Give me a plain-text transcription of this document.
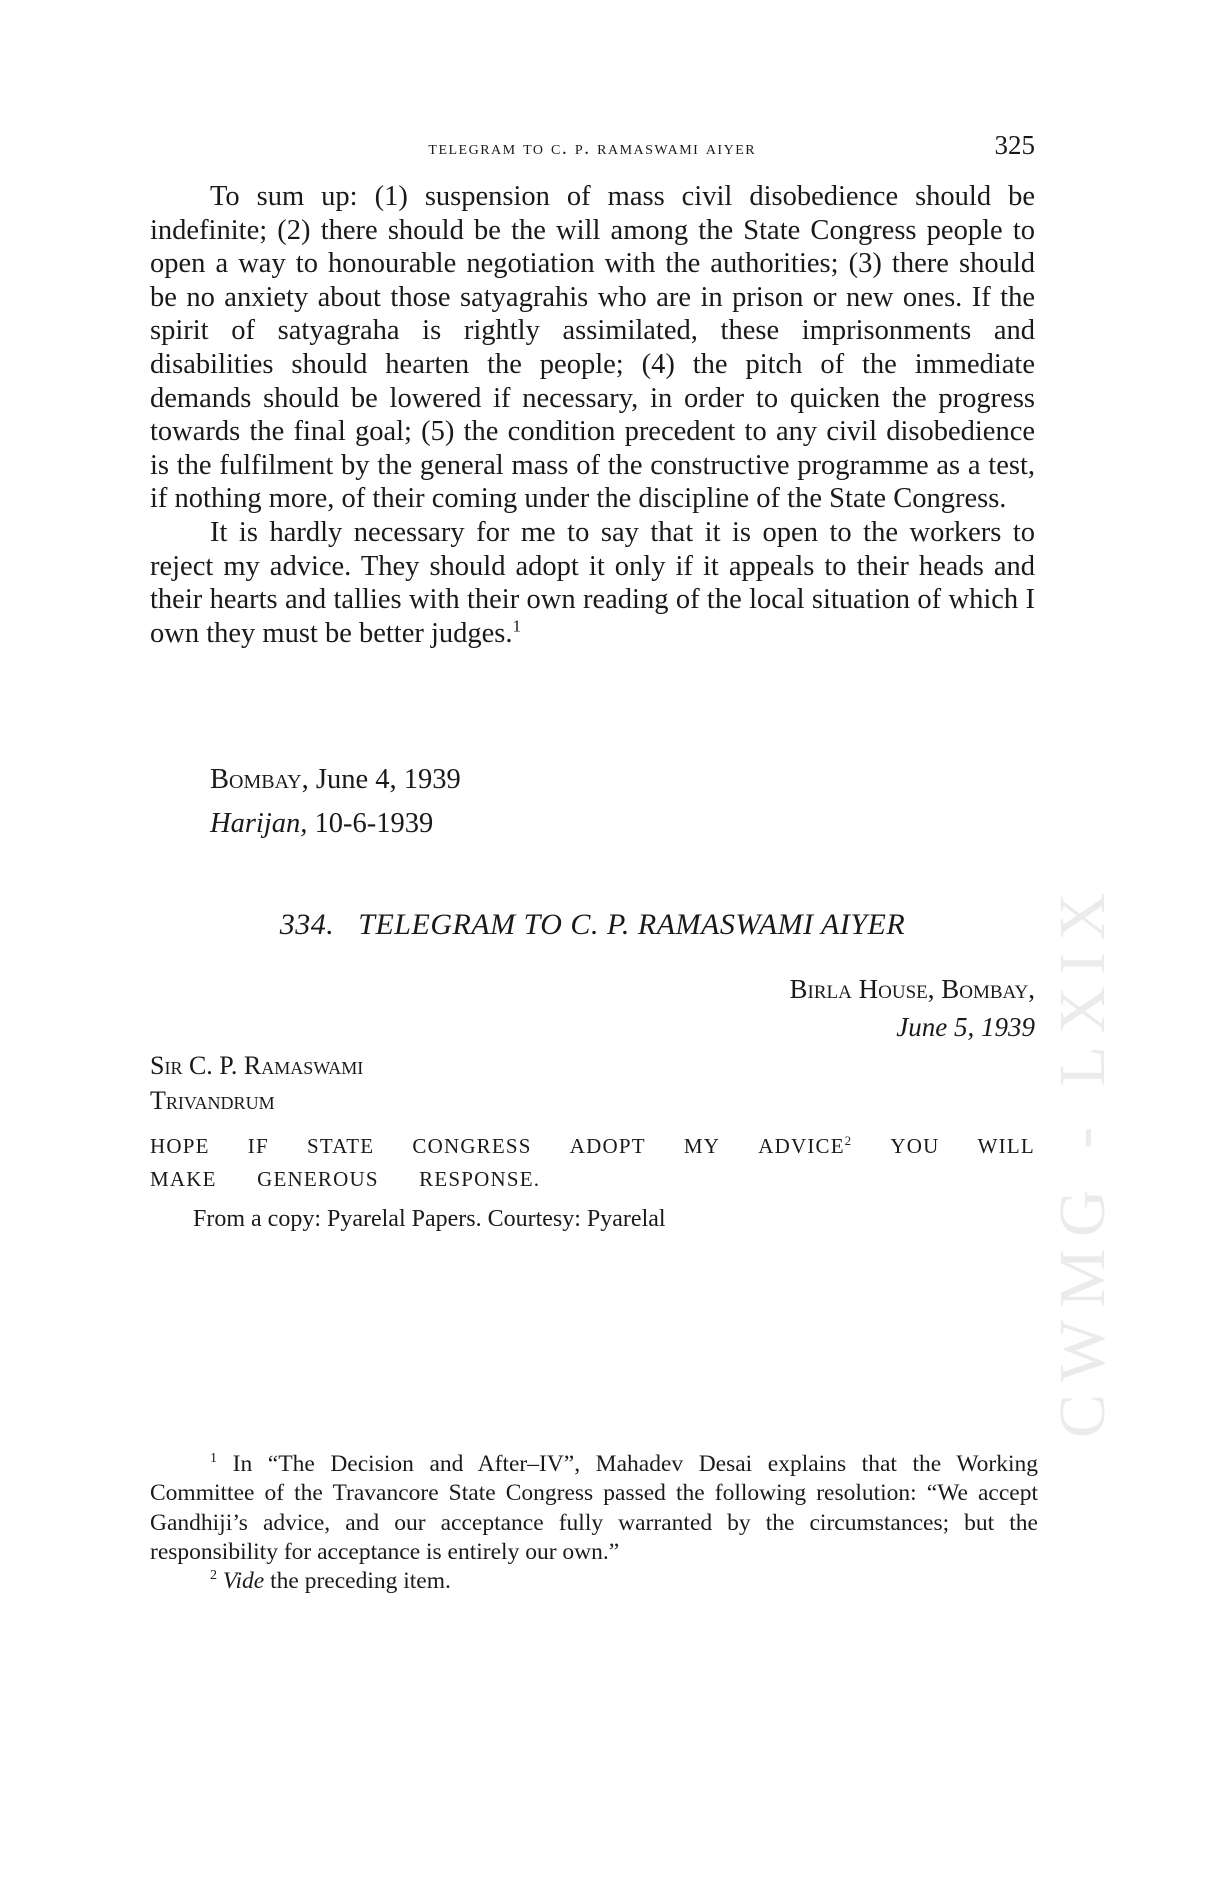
CWMG - LXIX
telegram to c. p. ramaswami aiyer	325

To sum up: (1) suspension of mass civil disobedience should be indefinite; (2) there should be the will among the State Congress people to open a way to honourable negotiation with the authorities; (3) there should be no anxiety about those satyagrahis who are in prison or new ones. If the spirit of satyagraha is rightly assimilated, these imprisonments and disabilities should hearten the people; (4) the pitch of the immediate demands should be lowered if necessary, in order to quicken the progress towards the final goal; (5) the condition precedent to any civil disobedience is the fulfilment by the general mass of the constructive programme as a test, if nothing more, of their coming under the discipline of the State Congress.

It is hardly necessary for me to say that it is open to the workers to reject my advice. They should adopt it only if it appeals to their heads and their hearts and tallies with their own reading of the local situation of which I own they must be better judges.$^1$

Bombay, June 4, 1939
Harijan, 10-6-1939
334. TELEGRAM TO C. P. RAMASWAMI AIYER
Birla House, Bombay,
June 5, 1939
Sir C. P. Ramaswami
Trivandrum
HOPE IF STATE CONGRESS ADOPT MY ADVICE$^2$ YOU WILL
MAKE GENEROUS RESPONSE.
From a copy: Pyarelal Papers. Courtesy: Pyarelal

$^1$ In “The Decision and After–IV”, Mahadev Desai explains that the Working Committee of the Travancore State Congress passed the following resolution: “We accept Gandhiji’s advice, and our acceptance fully warranted by the circumstances; but the responsibility for acceptance is entirely our own.”

$^2$ Vide the preceding item.
